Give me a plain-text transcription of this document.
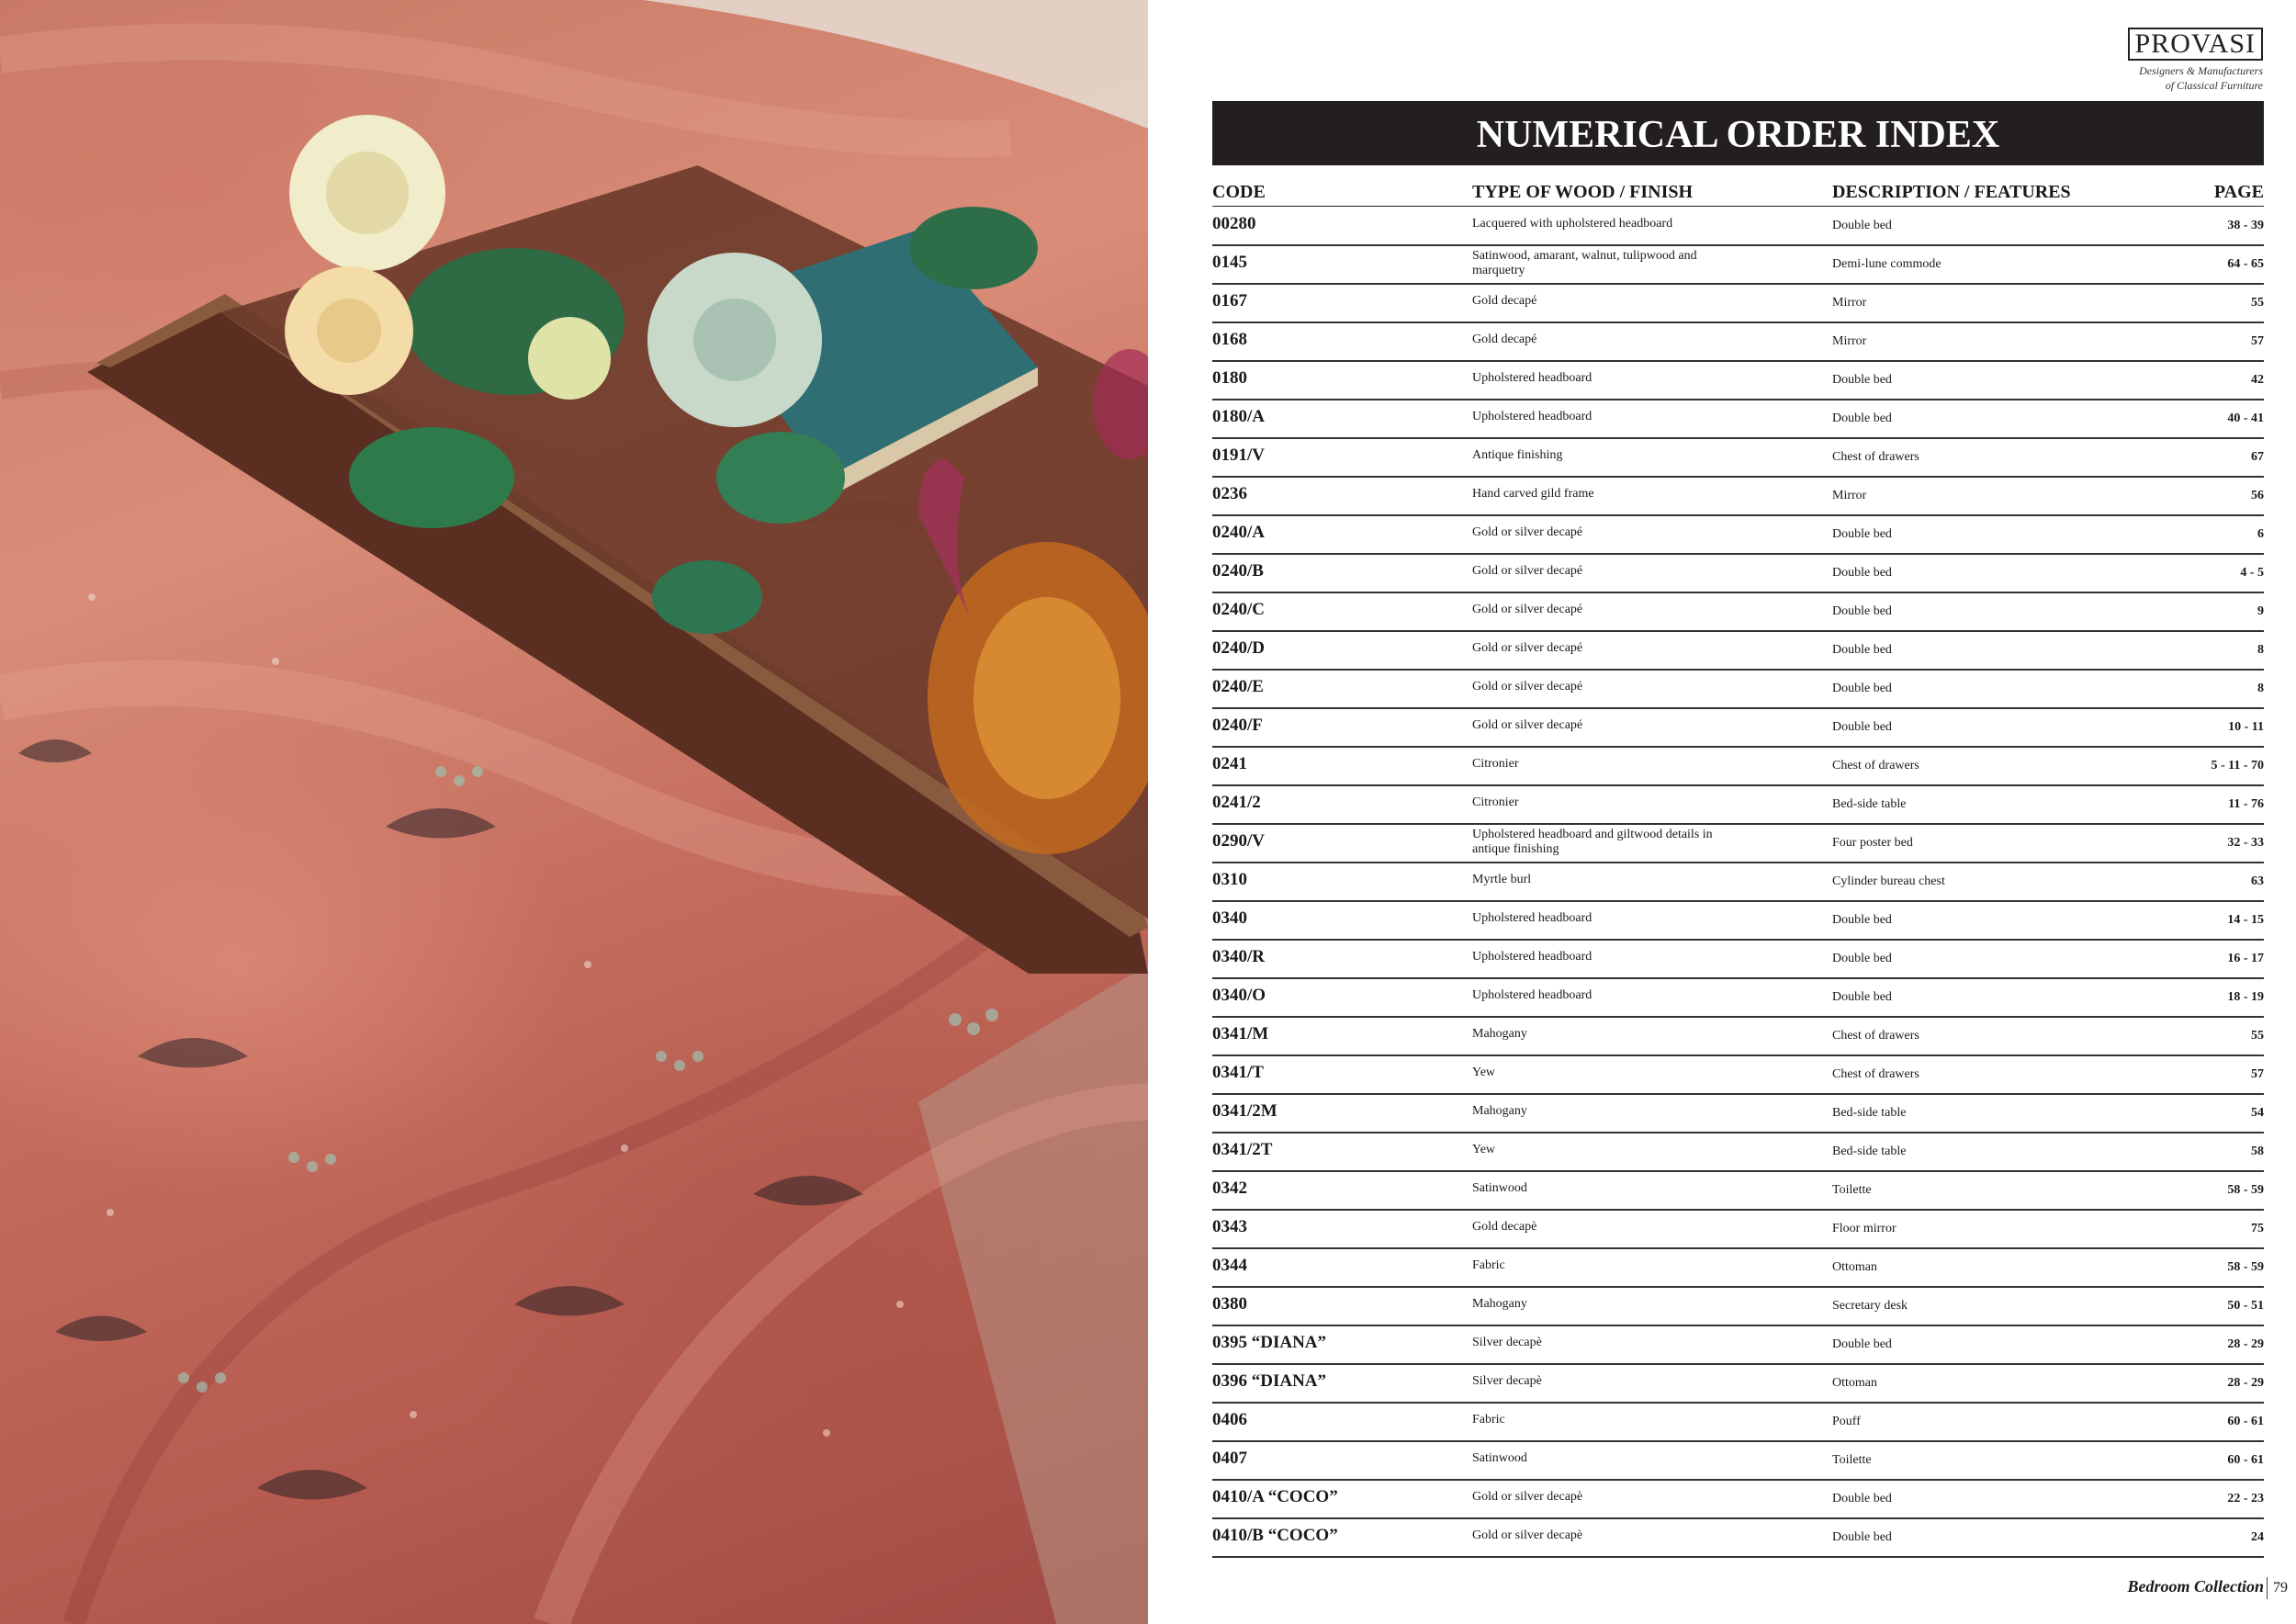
PROVASI
Designers & Manufacturers
of Classical Furniture
NUMERICAL ORDER INDEX
CODE	TYPE OF WOOD / FINISH	DESCRIPTION / FEATURES	PAGE
00280	Lacquered with upholstered headboard	Double bed	38 - 39
0145	Satinwood, amarant, walnut, tulipwood and marquetry	Demi-lune commode	64 - 65
0167	Gold decapé	Mirror	55
0168	Gold decapé	Mirror	57
0180	Upholstered headboard	Double bed	42
0180/A	Upholstered headboard	Double bed	40 - 41
0191/V	Antique finishing	Chest of drawers	67
0236	Hand carved gild frame	Mirror	56
0240/A	Gold or silver decapé	Double bed	6
0240/B	Gold or silver decapé	Double bed	4 - 5
0240/C	Gold or silver decapé	Double bed	9
0240/D	Gold or silver decapé	Double bed	8
0240/E	Gold or silver decapé	Double bed	8
0240/F	Gold or silver decapé	Double bed	10 - 11
0241	Citronier	Chest of drawers	5 - 11 - 70
0241/2	Citronier	Bed-side table	11 - 76
0290/V	Upholstered headboard and giltwood details in antique finishing	Four poster bed	32 - 33
0310	Myrtle burl	Cylinder bureau chest	63
0340	Upholstered headboard	Double bed	14 - 15
0340/R	Upholstered headboard	Double bed	16 - 17
0340/O	Upholstered headboard	Double bed	18 - 19
0341/M	Mahogany	Chest of drawers	55
0341/T	Yew	Chest of drawers	57
0341/2M	Mahogany	Bed-side table	54
0341/2T	Yew	Bed-side table	58
0342	Satinwood	Toilette	58 - 59
0343	Gold decapè	Floor mirror	75
0344	Fabric	Ottoman	58 - 59
0380	Mahogany	Secretary desk	50 - 51
0395 “DIANA”	Silver decapè	Double bed	28 - 29
0396 “DIANA”	Silver decapè	Ottoman	28 - 29
0406	Fabric	Pouff	60 - 61
0407	Satinwood	Toilette	60 - 61
0410/A “COCO”	Gold or silver decapè	Double bed	22 - 23
0410/B “COCO”	Gold or silver decapè	Double bed	24
Bedroom Collection 79
